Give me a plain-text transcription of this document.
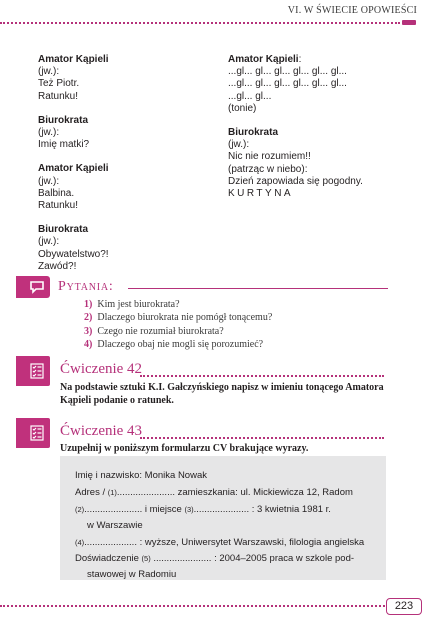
VI. W ŚWIECIE OPOWIEŚCI

Amator Kąpieli

(jw.):

Też Piotr.

Ratunku!

Biurokrata

(jw.):

Imię matki?

Amator Kąpieli

(jw.):

Balbina.

Ratunku!

Biurokrata

(jw.):

Obywatelstwo?!

Zawód?!

Amator Kąpieli:

...gl... gl... gl... gl... gl... gl...

...gl... gl... gl... gl... gl... gl...

...gl... gl...

(tonie)

Biurokrata

(jw.):

Nic nie rozumiem!!

(patrząc w niebo):

Dzień zapowiada się pogodny.

KURTYNA

Pytania:
1) Kim jest biurokrata?
2) Dlaczego biurokrata nie pomógł tonącemu?
3) Czego nie rozumiał biurokrata?
4) Dlaczego obaj nie mogli się porozumieć?
Ćwiczenie 42
Na podstawie sztuki K.I. Gałczyńskiego napisz w imieniu tonącego Amatora Kąpieli podanie o ratunek.
Ćwiczenie 43
Uzupełnij w poniższym formularzu CV brakujące wyrazy.
Imię i nazwisko: Monika Nowak
Adres / (1)...................... zamieszkania: ul. Mickiewicza 12, Radom
(2)...................... i miejsce (3)..................... : 3 kwietnia 1981 r.
w Warszawie
(4).................... : wyższe, Uniwersytet Warszawski, filologia angielska
Doświadczenie (5) ...................... : 2004–2005 praca w szkole pod-
stawowej w Radomiu
223
